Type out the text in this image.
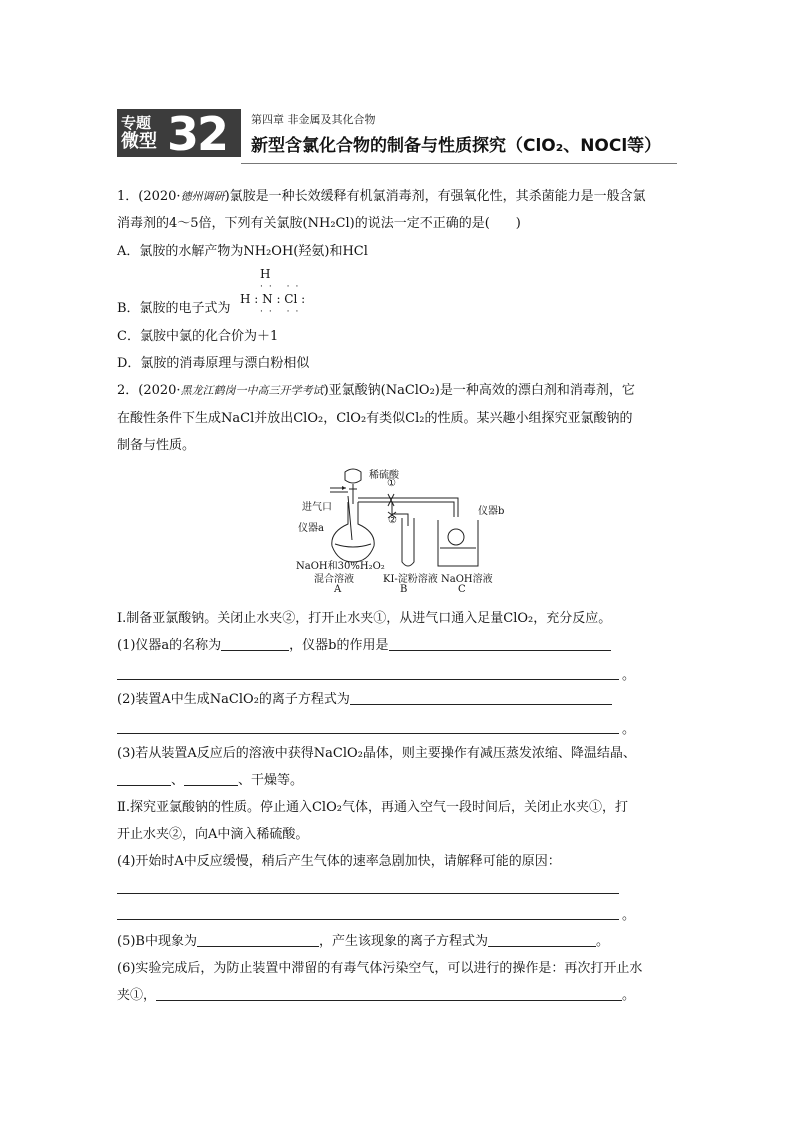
专题
微型 32 第四章 非金属及其化合物
新型含氯化合物的制备与性质探究（ClO₂、NOCl等）
1．(2020·德州调研)氯胺是一种长效缓释有机氯消毒剂，有强氧化性，其杀菌能力是一般含氯
消毒剂的4～5倍，下列有关氯胺(NH₂Cl)的说法一定不正确的是(　　)
A．氯胺的水解产物为NH₂OH(羟氨)和HCl
B．氯胺的电子式为
H
·· ··
H : N : Cl :
·· ··
C．氯胺中氯的化合价为＋1
D．氯胺的消毒原理与漂白粉相似
2．(2020·黑龙江鹤岗一中高三开学考试)亚氯酸钠(NaClO₂)是一种高效的漂白剂和消毒剂，它
在酸性条件下生成NaCl并放出ClO₂，ClO₂有类似Cl₂的性质。某兴趣小组探究亚氯酸钠的
制备与性质。
稀硫酸
①
②
进气口
仪器a
仪器b
NaOH和30%H₂O₂
混合溶液	KI-淀粉溶液 NaOH溶液
A	B	C
Ⅰ.制备亚氯酸钠。关闭止水夹②，打开止水夹①，从进气口通入足量ClO₂，充分反应。
(1)仪器a的名称为	，仪器b的作用是
。
(2)装置A中生成NaClO₂的离子方程式为
。
(3)若从装置A反应后的溶液中获得NaClO₂晶体，则主要操作有减压蒸发浓缩、降温结晶、
、	、干燥等。
Ⅱ.探究亚氯酸钠的性质。停止通入ClO₂气体，再通入空气一段时间后，关闭止水夹①，打
开止水夹②，向A中滴入稀硫酸。
(4)开始时A中反应缓慢，稍后产生气体的速率急剧加快，请解释可能的原因：
。
(5)B中现象为	，产生该现象的离子方程式为	。
(6)实验完成后，为防止装置中滞留的有毒气体污染空气，可以进行的操作是：再次打开止水
夹①，	。
